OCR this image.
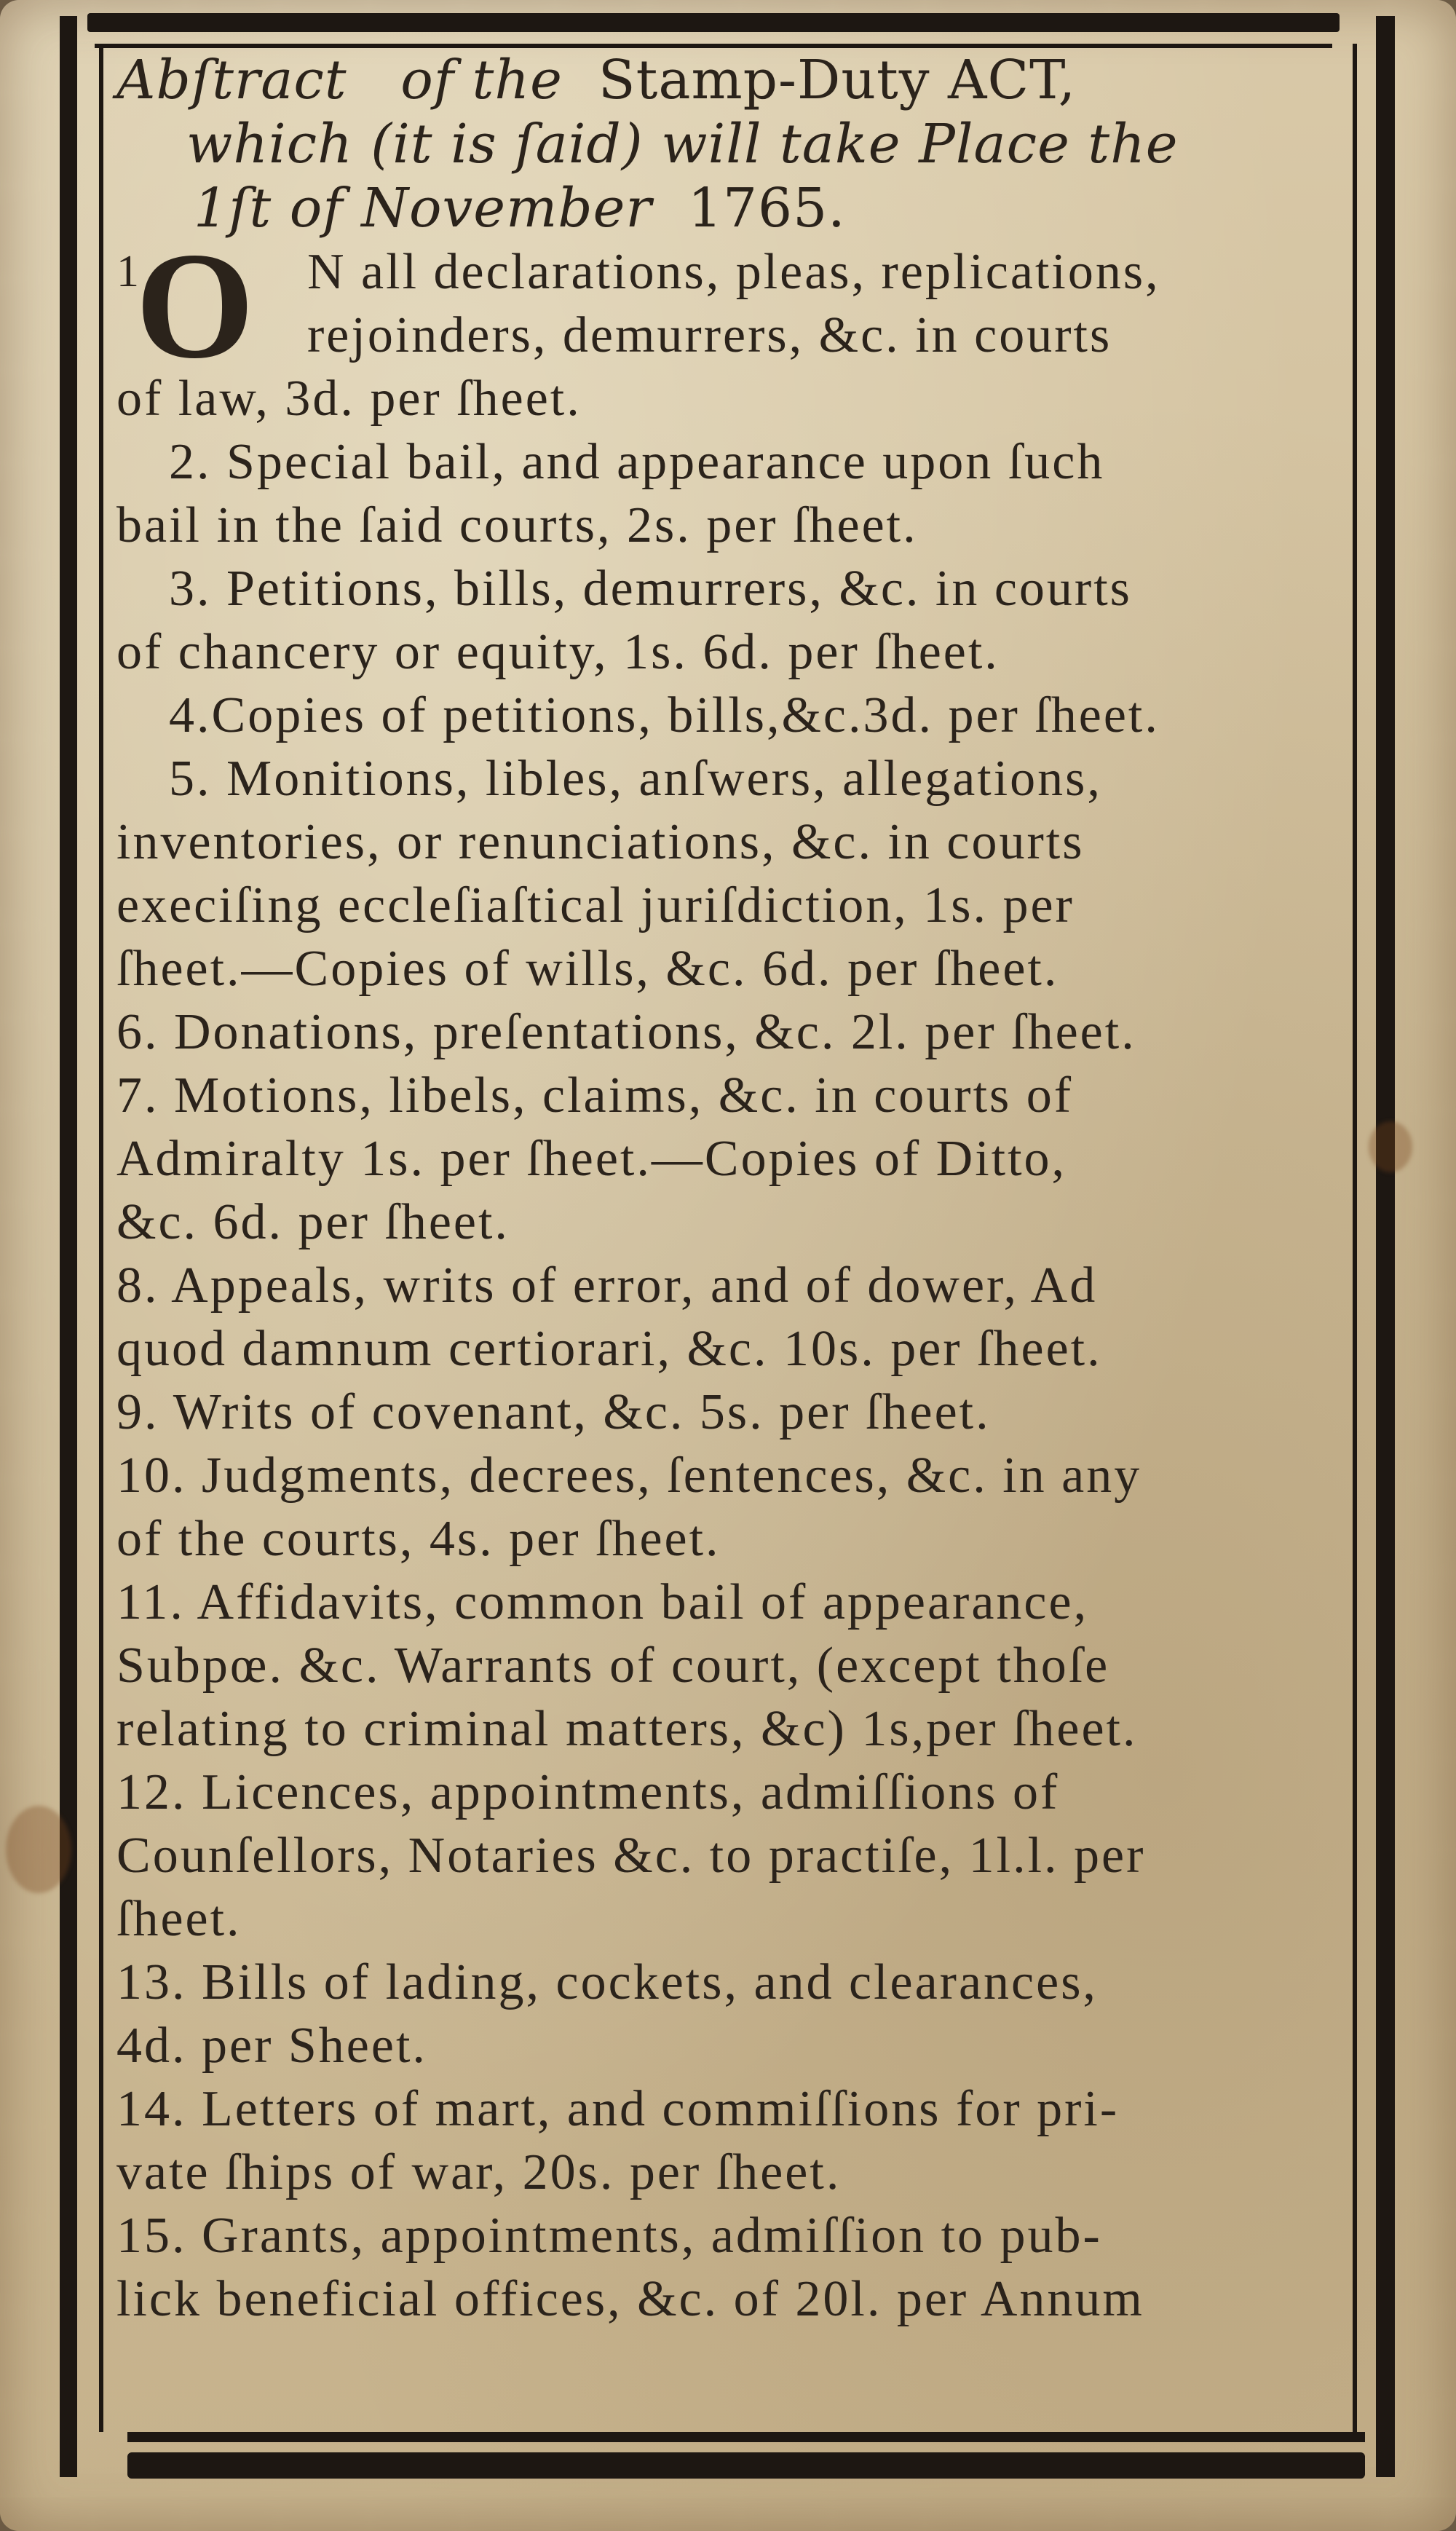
Abſtract of the Stamp-Duty ACT,
which (it is ſaid) will take Place the
1ſt of November 1765.
1
O N all declarations, pleas, replications,
rejoinders, demurrers, &c. in courts
of law, 3d. per ſheet.
2. Special bail, and appearance upon ſuch
bail in the ſaid courts, 2s. per ſheet.
3. Petitions, bills, demurrers, &c. in courts
of chancery or equity, 1s. 6d. per ſheet.
4.Copies of petitions, bills,&c.3d. per ſheet.
5. Monitions, libles, anſwers, allegations,
inventories, or renunciations, &c. in courts
execiſing eccleſiaſtical juriſdiction, 1s. per
ſheet.—Copies of wills, &c. 6d. per ſheet.
6. Donations, preſentations, &c. 2l. per ſheet.
7. Motions, libels, claims, &c. in courts of
Admiralty 1s. per ſheet.—Copies of Ditto,
&c. 6d. per ſheet.
8. Appeals, writs of error, and of dower, Ad
quod damnum certiorari, &c. 10s. per ſheet.
9. Writs of covenant, &c. 5s. per ſheet.
10. Judgments, decrees, ſentences, &c. in any
of the courts, 4s. per ſheet.
11. Affidavits, common bail of appearance,
Subpœ. &c. Warrants of court, (except thoſe
relating to criminal matters, &c) 1s,per ſheet.
12. Licences, appointments, admiſſions of
Counſellors, Notaries &c. to practiſe, 1l.l. per
ſheet.
13. Bills of lading, cockets, and clearances,
4d. per Sheet.
14. Letters of mart, and commiſſions for pri-
vate ſhips of war, 20s. per ſheet.
15. Grants, appointments, admiſſion to pub-
lick beneficial offices, &c. of 20l. per Annum
